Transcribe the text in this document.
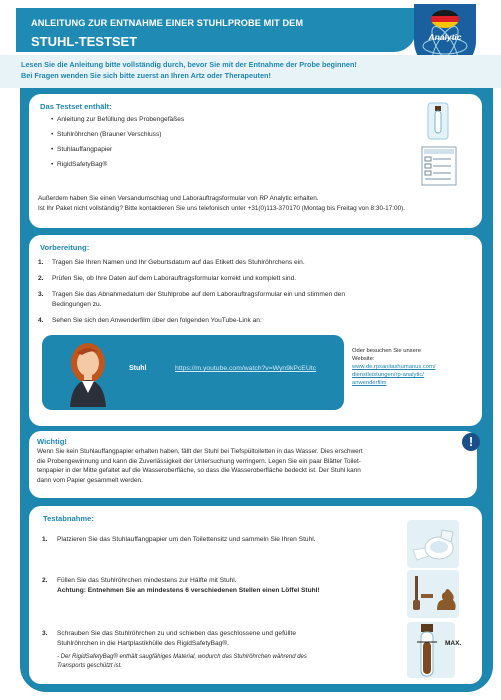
ANLEITUNG ZUR ENTNAHME EINER STUHLPROBE MIT DEM
STUHL-TESTSET	Analytic
Lesen Sie die Anleitung bitte vollständig durch, bevor Sie mit der Entnahme der Probe beginnen!
Bei Fragen wenden Sie sich bitte zuerst an Ihren Artz oder Therapeuten!
Das Testset enthält:
•  Anleitung zur Befüllung des Probengefäßes
•  Stuhlröhrchen (Brauner Verschluss)
•  Stuhlauffangpapier
•  RigidSafetyBag®
Außerdem haben Sie einen Versandumschlag und Laborauftragsformular von RP Analytic erhalten.
Ist Ihr Paket nicht vollständig? Bitte kontaktieren Sie uns telefonisch unter +31(0)113-370170 (Montag bis Freitag von 8:30-17:00).
Vorbereitung:
1. Tragen Sie Ihren Namen und Ihr Geburtsdatum auf das Etikett des Stuhlröhrchens ein.
2. Prüfen Sie, ob Ihre Daten auf dem Laborauftragsformular korrekt und komplett sind.
3. Tragen Sie das Abnahmedatum der Stuhlprobe auf dem Laborauftragsformular ein und stimmen den
Bedingungen zu.
4. Sehen Sie sich den Anwenderfilm über den folgenden YouTube-Link an:
Stuhl	https://m.youtube.com/watch?v=Wyn9kPcEUtc
Oder besuchen Sie unsere
Website:
www.de.rpsanitashumanus.com/
dienstleistungen/rp-analytic/
anwenderfilm
Wichtig!
Wenn Sie kein Stuhlauffangpapier erhalten haben, fällt der Stuhl bei Tiefspültoiletten in das Wasser. Dies erschwert
die Probengewinnung und kann die Zuverlässigkeit der Untersuchung verringern. Legen Sie ein paar Blätter Toilet-
tenpapier in der Mitte gefaltet auf die Wasseroberfläche, so dass die Wasseroberfläche bedeckt ist. Der Stuhl kann
dann vom Papier gesammelt werden.
!
Testabnahme:
1. Platzieren Sie das Stuhlauffangpapier um den Toilettensitz und sammeln Sie Ihren Stuhl.
2. Füllen Sie das Stuhlröhrchen mindestens zur Hälfte mit Stuhl.
Achtung: Entnehmen Sie an mindestens 6 verschiedenen Stellen einen Löffel Stuhl!
3. Schrauben Sie das Stuhlröhrchen zu und schieben das geschlossene und gefüllte
Stuhlröhrchen in die Hartplastikhülle des RigidSafetyBag®.
- Der RigidSafetyBag® enthält saugfähiges Material, wodurch das Stuhlröhrchen während des
Transports geschützt ist.
MAX.
